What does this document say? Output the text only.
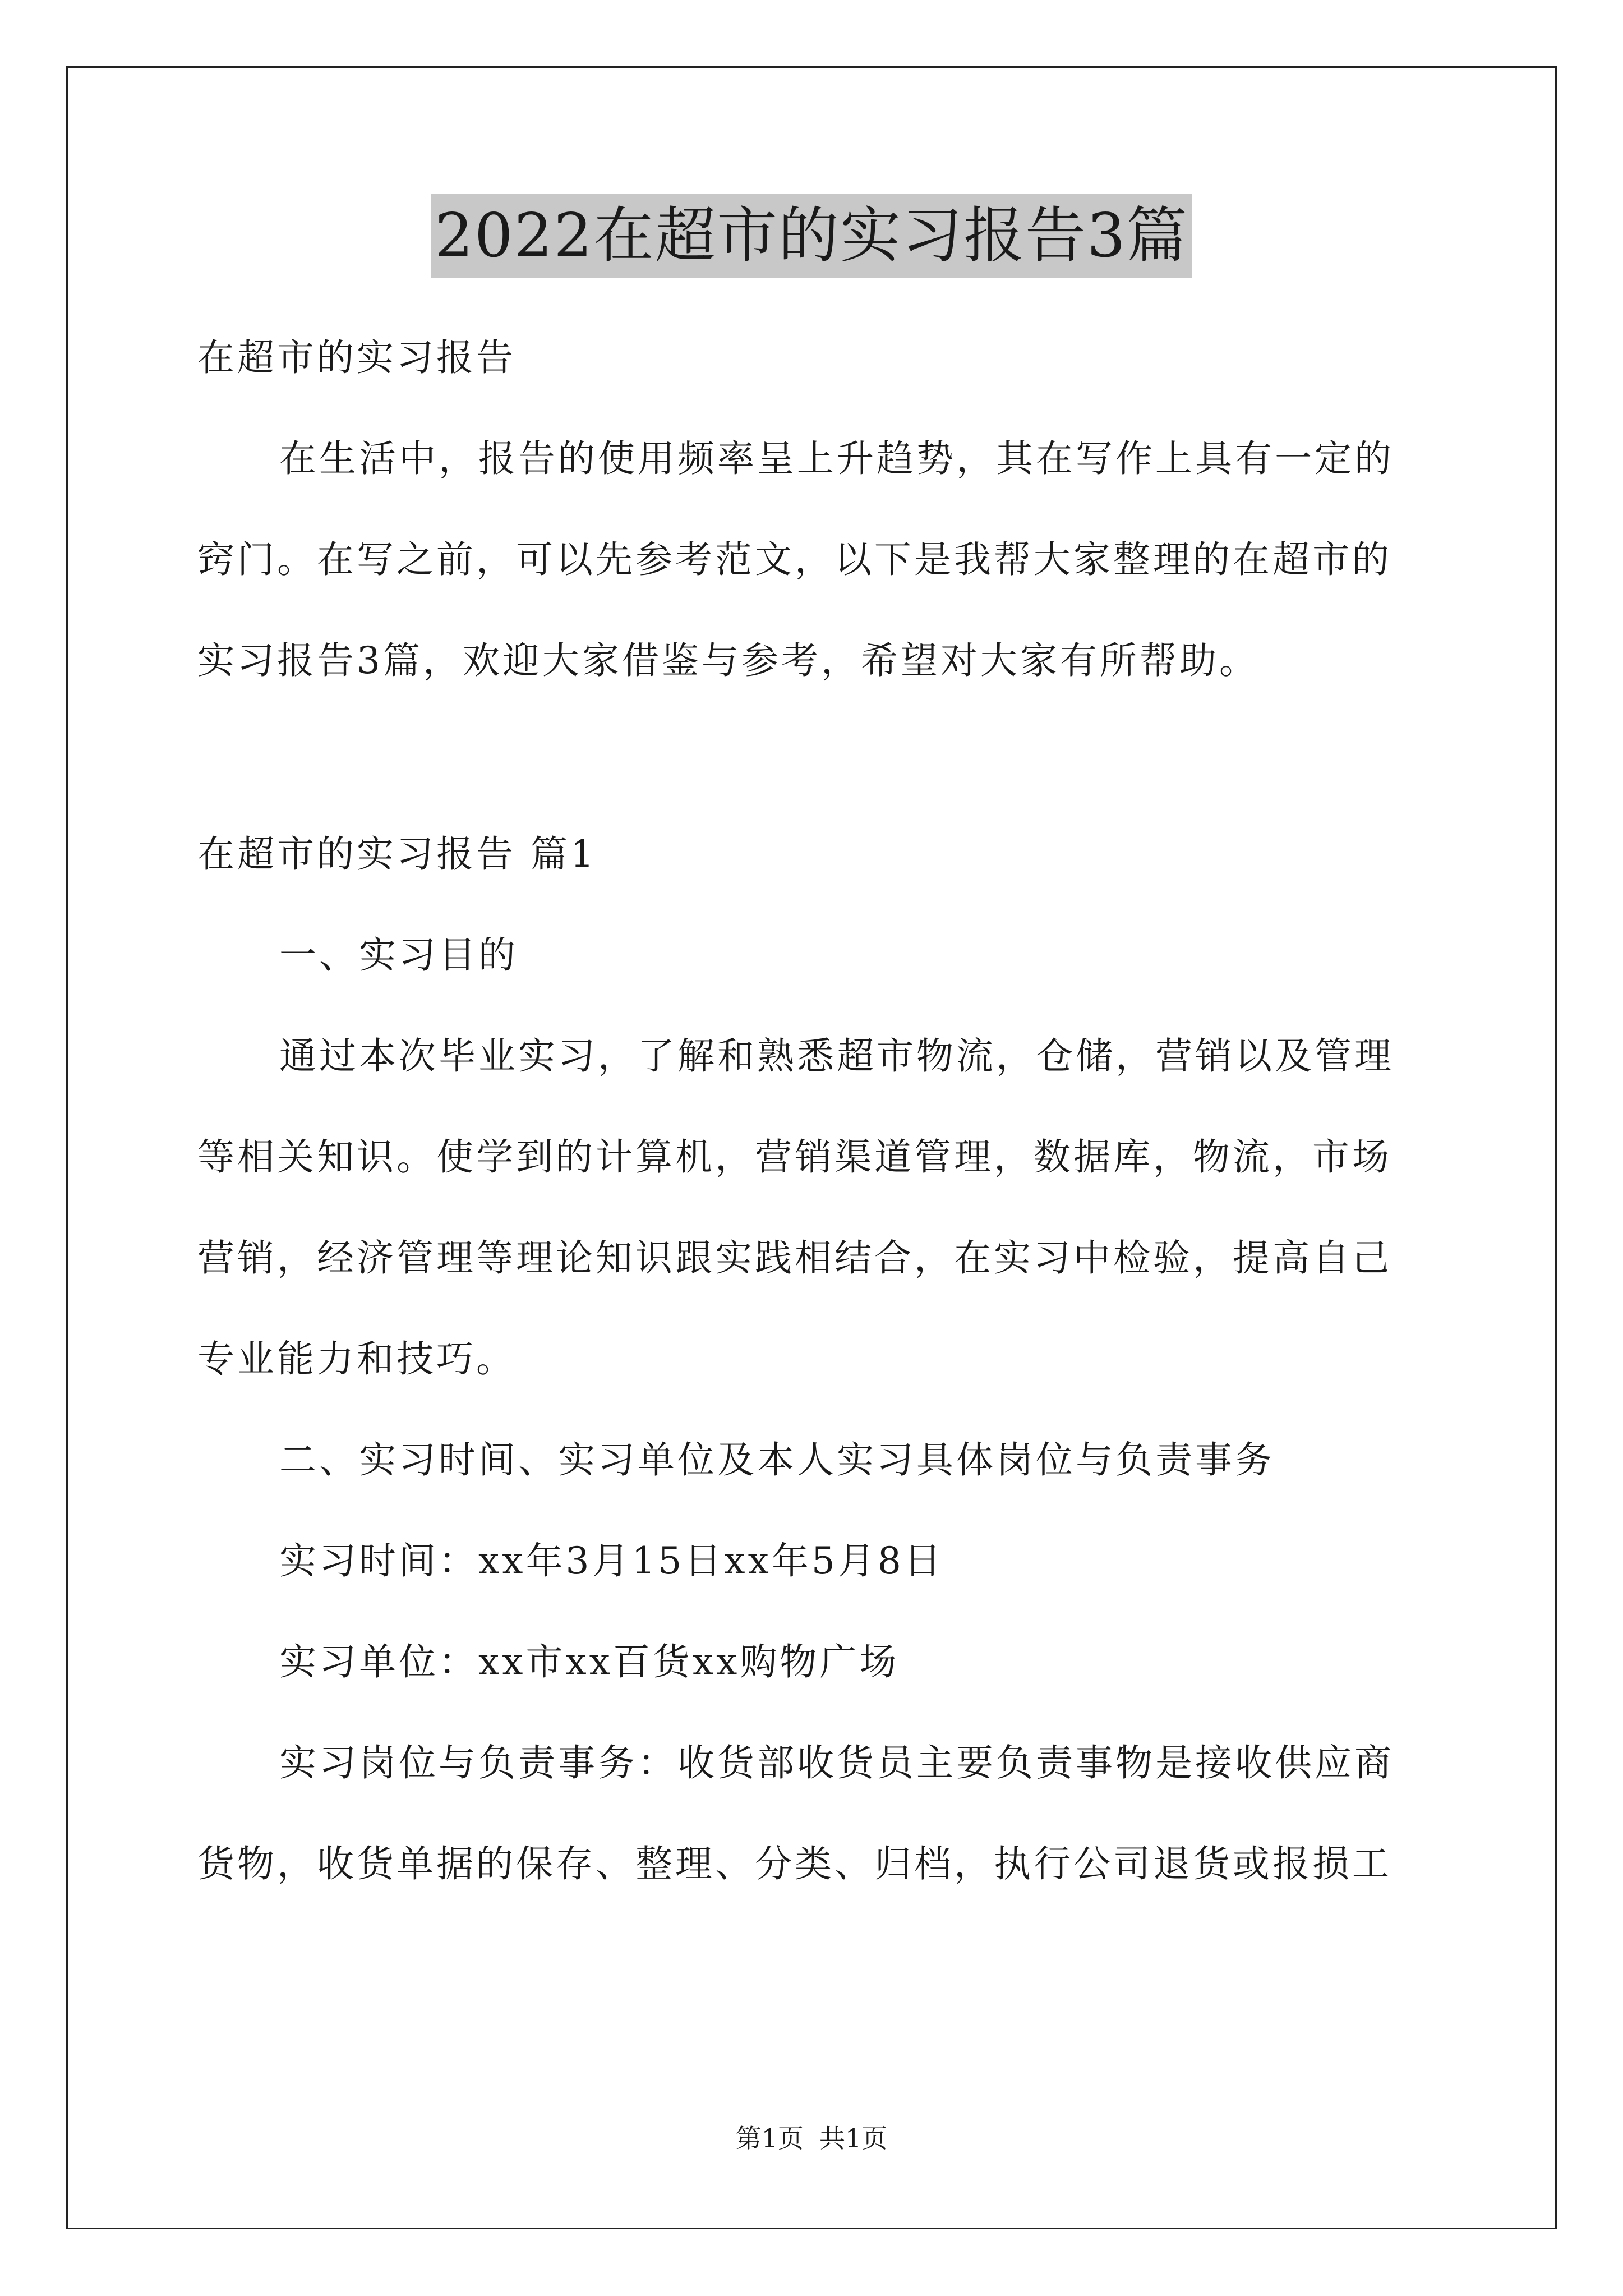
2022在超市的实习报告3篇
在超市的实习报告
在生活中，报告的使用频率呈上升趋势，其在写作上具有一定的
窍门。在写之前，可以先参考范文，以下是我帮大家整理的在超市的
实习报告3篇，欢迎大家借鉴与参考，希望对大家有所帮助。
在超市的实习报告 篇1
一、实习目的
通过本次毕业实习，了解和熟悉超市物流，仓储，营销以及管理
等相关知识。使学到的计算机，营销渠道管理，数据库，物流，市场
营销，经济管理等理论知识跟实践相结合，在实习中检验，提高自己
专业能力和技巧。
二、实习时间、实习单位及本人实习具体岗位与负责事务
实习时间：xx年3月15日xx年5月8日
实习单位：xx市xx百货xx购物广场
实习岗位与负责事务：收货部收货员主要负责事物是接收供应商
货物，收货单据的保存、整理、分类、归档，执行公司退货或报损工
第1页 共1页
